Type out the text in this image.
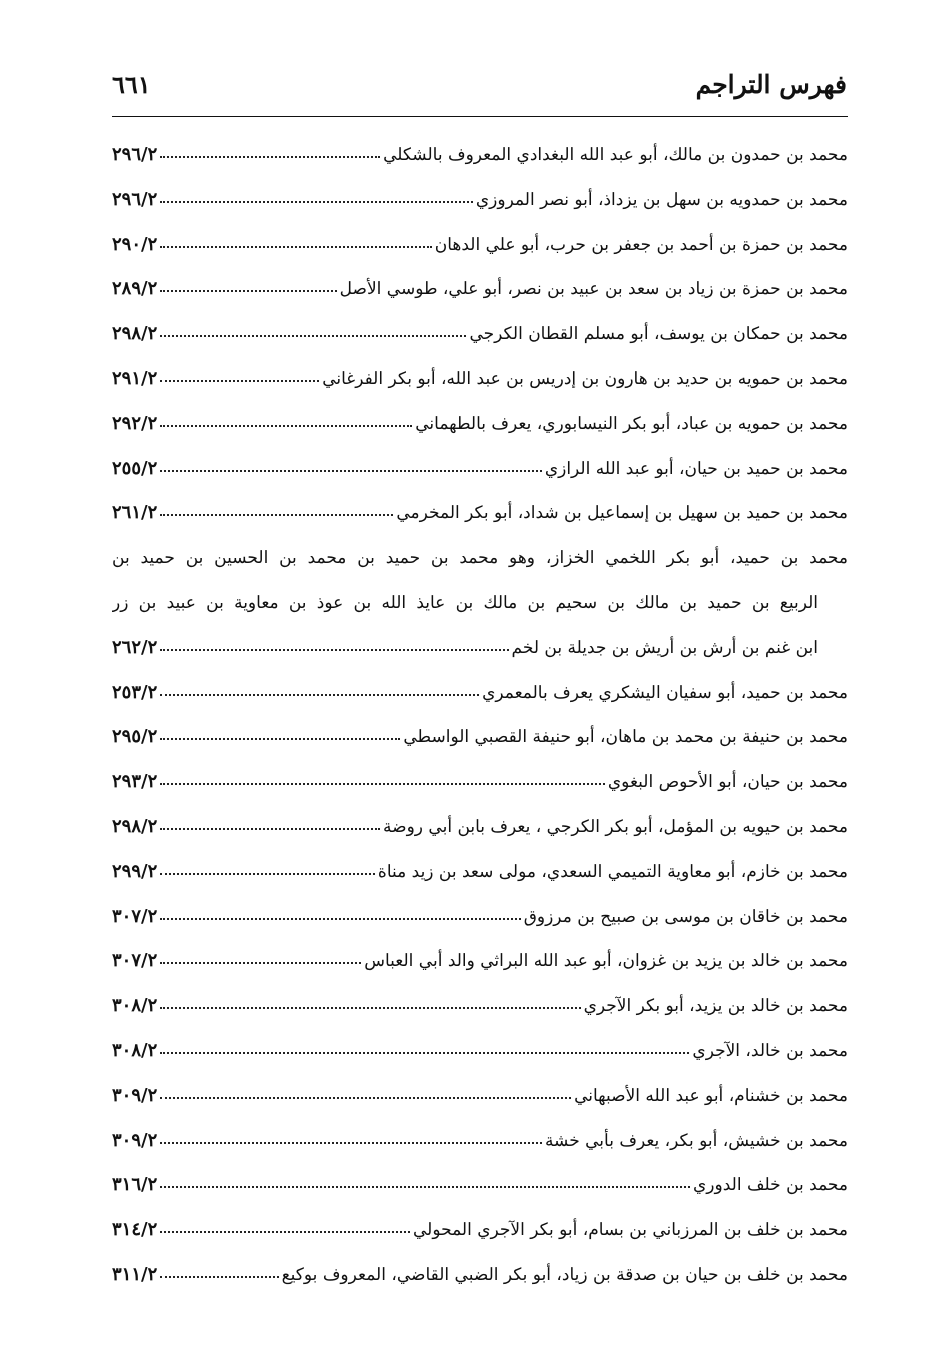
فهرس التراجم
٦٦١
محمد بن حمدون بن مالك، أبو عبد الله البغدادي المعروف بالشكلي
٢٩٦/٢
محمد بن حمدويه بن سهل بن يزداذ، أبو نصر المروزي
٢٩٦/٢
محمد بن حمزة بن أحمد بن جعفر بن حرب، أبو علي الدهان
٢٩٠/٢
محمد بن حمزة بن زياد بن سعد بن عبيد بن نصر، أبو علي، طوسي الأصل
٢٨٩/٢
محمد بن حمكان بن يوسف، أبو مسلم القطان الكرجي
٢٩٨/٢
محمد بن حمويه بن حديد بن هارون بن إدريس بن عبد الله، أبو بكر الفرغاني
٢٩١/٢
محمد بن حمويه بن عباد، أبو بكر النيسابوري، يعرف بالطهماني
٢٩٢/٢
محمد بن حميد بن حيان، أبو عبد الله الرازي
٢٥٥/٢
محمد بن حميد بن سهيل بن إسماعيل بن شداد، أبو بكر المخرمي
٢٦١/٢
محمد بن حميد، أبو بكر اللخمي الخزاز، وهو محمد بن حميد بن محمد بن الحسين بن حميد بن
الربيع بن حميد بن مالك بن سحيم بن مالك بن عايذ الله بن عوذ بن معاوية بن عبيد بن زر
ابن غنم بن أرش بن أريش بن جديلة بن لخم
٢٦٢/٢
محمد بن حميد، أبو سفيان اليشكري يعرف بالمعمري
٢٥٣/٢
محمد بن حنيفة بن محمد بن ماهان، أبو حنيفة القصبي الواسطي
٢٩٥/٢
محمد بن حيان، أبو الأحوص البغوي
٢٩٣/٢
محمد بن حيويه بن المؤمل، أبو بكر الكرجي ، يعرف بابن أبي روضة
٢٩٨/٢
محمد بن خازم، أبو معاوية التميمي السعدي، مولى سعد بن زيد مناة
٢٩٩/٢
محمد بن خاقان بن موسى بن صبيح بن مرزوق
٣٠٧/٢
محمد بن خالد بن يزيد بن غزوان، أبو عبد الله البراثي والد أبي العباس
٣٠٧/٢
محمد بن خالد بن يزيد، أبو بكر الآجري
٣٠٨/٢
محمد بن خالد، الآجري
٣٠٨/٢
محمد بن خشنام، أبو عبد الله الأصبهاني
٣٠٩/٢
محمد بن خشيش، أبو بكر، يعرف بأبي خشة
٣٠٩/٢
محمد بن خلف الدوري
٣١٦/٢
محمد بن خلف بن المرزباني بن بسام، أبو بكر الآجري المحولي
٣١٤/٢
محمد بن خلف بن حيان بن صدقة بن زياد، أبو بكر الضبي القاضي، المعروف بوكيع
٣١١/٢
